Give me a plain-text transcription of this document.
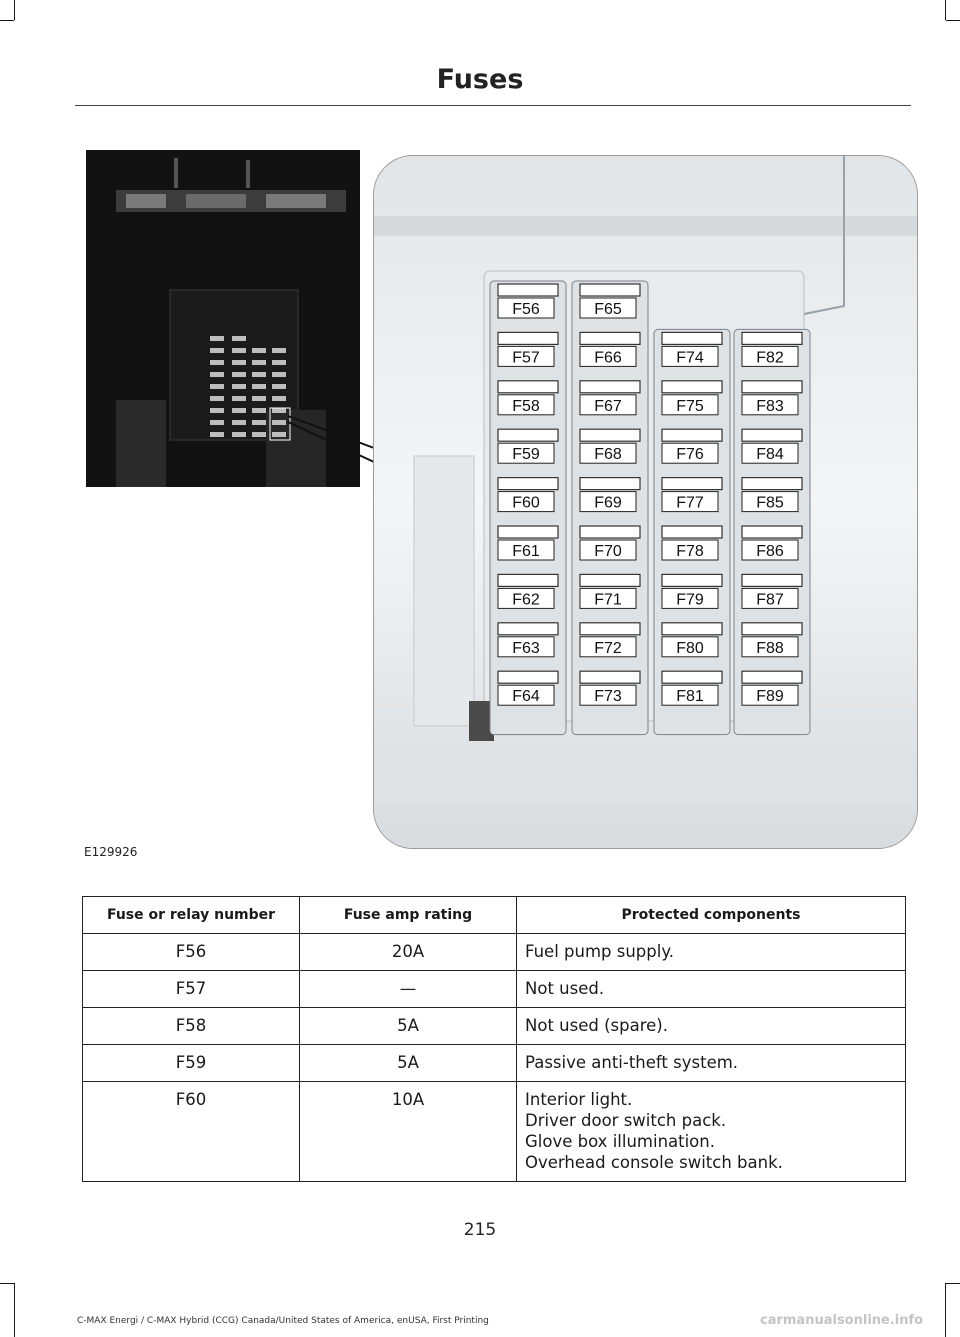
Fuses
F56
F57
F58
F59
F60
F61
F62
F63
F64
F65
F66
F67
F68
F69
F70
F71
F72
F73
F74
F75
F76
F77
F78
F79
F80
F81
F82
F83
F84
F85
F86
F87
F88
F89
E129926
Fuse or relay number	Fuse amp rating	Protected components
F56	20A	Fuel pump supply.

F57	—	Not used.

F58	5A	Not used (spare).

F59	5A	Passive anti-theft system.

F60	10A	Interior light.
Driver door switch pack.
Glove box illumination.
Overhead console switch bank.
215
C-MAX Energi / C-MAX Hybrid (CCG) Canada/United States of America, enUSA, First Printing	carmanualsonline.info
